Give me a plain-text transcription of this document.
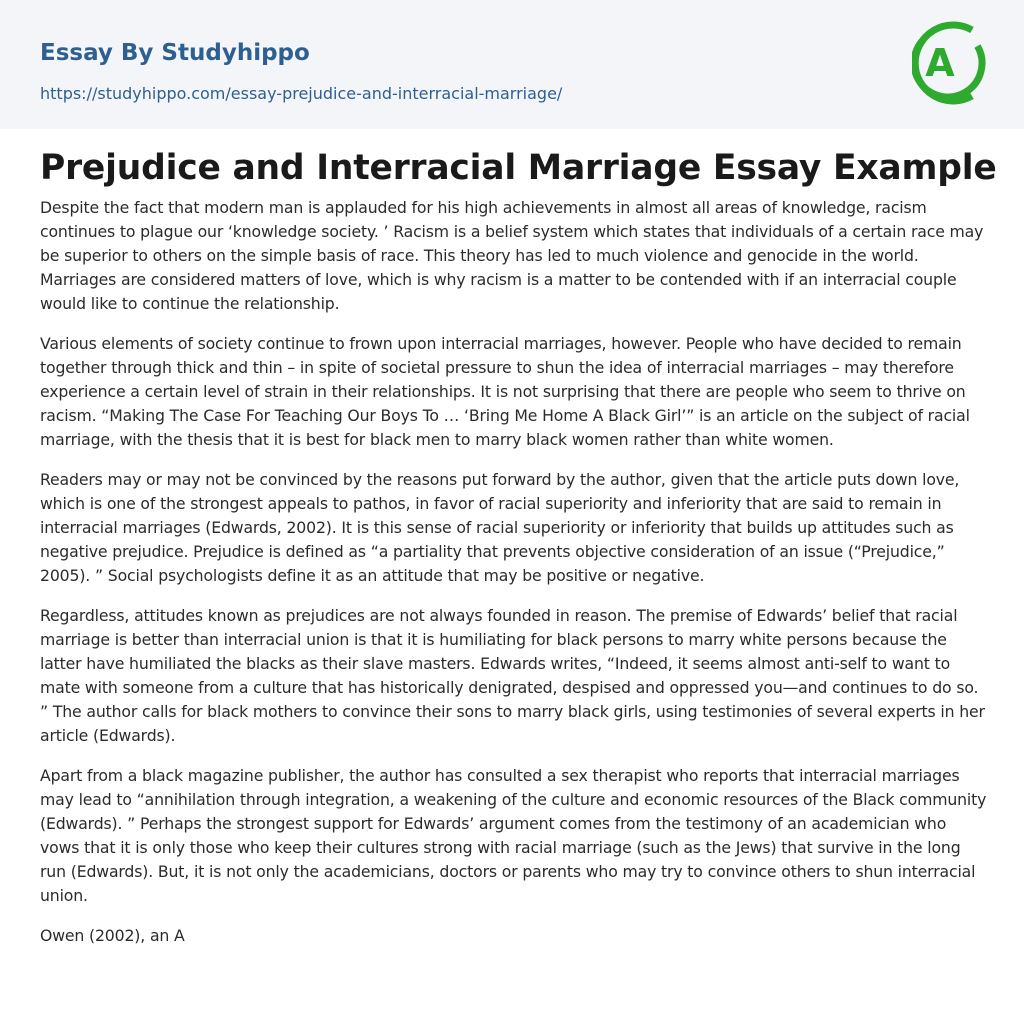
Essay By Studyhippo
https://studyhippo.com/essay-prejudice-and-interracial-marriage/
A
Prejudice and Interracial Marriage Essay Example

Despite the fact that modern man is applauded for his high achievements in almost all areas of knowledge, racism continues to plague our ‘knowledge society. ’ Racism is a belief system which states that individuals of a certain race may be superior to others on the simple basis of race. This theory has led to much violence and genocide in the world. Marriages are considered matters of love, which is why racism is a matter to be contended with if an interracial couple would like to continue the relationship.

Various elements of society continue to frown upon interracial marriages, however. People who have decided to remain together through thick and thin – in spite of societal pressure to shun the idea of interracial marriages – may therefore experience a certain level of strain in their relationships. It is not surprising that there are people who seem to thrive on racism. “Making The Case For Teaching Our Boys To … ‘Bring Me Home A Black Girl’” is an article on the subject of racial marriage, with the thesis that it is best for black men to marry black women rather than white women.

Readers may or may not be convinced by the reasons put forward by the author, given that the article puts down love, which is one of the strongest appeals to pathos, in favor of racial superiority and inferiority that are said to remain in interracial marriages (Edwards, 2002). It is this sense of racial superiority or inferiority that builds up attitudes such as negative prejudice. Prejudice is defined as “a partiality that prevents objective consideration of an issue (“Prejudice,” 2005). ” Social psychologists define it as an attitude that may be positive or negative.

Regardless, attitudes known as prejudices are not always founded in reason. The premise of Edwards’ belief that racial marriage is better than interracial union is that it is humiliating for black persons to marry white persons because the latter have humiliated the blacks as their slave masters. Edwards writes, “Indeed, it seems almost anti-self to want to mate with someone from a culture that has historically denigrated, despised and oppressed you—and continues to do so. ” The author calls for black mothers to convince their sons to marry black girls, using testimonies of several experts in her article (Edwards).

Apart from a black magazine publisher, the author has consulted a sex therapist who reports that interracial marriages may lead to “annihilation through integration, a weakening of the culture and economic resources of the Black community (Edwards). ” Perhaps the strongest support for Edwards’ argument comes from the testimony of an academician who vows that it is only those who keep their cultures strong with racial marriage (such as the Jews) that survive in the long run (Edwards). But, it is not only the academicians, doctors or parents who may try to convince others to shun interracial union.

Owen (2002), an A
